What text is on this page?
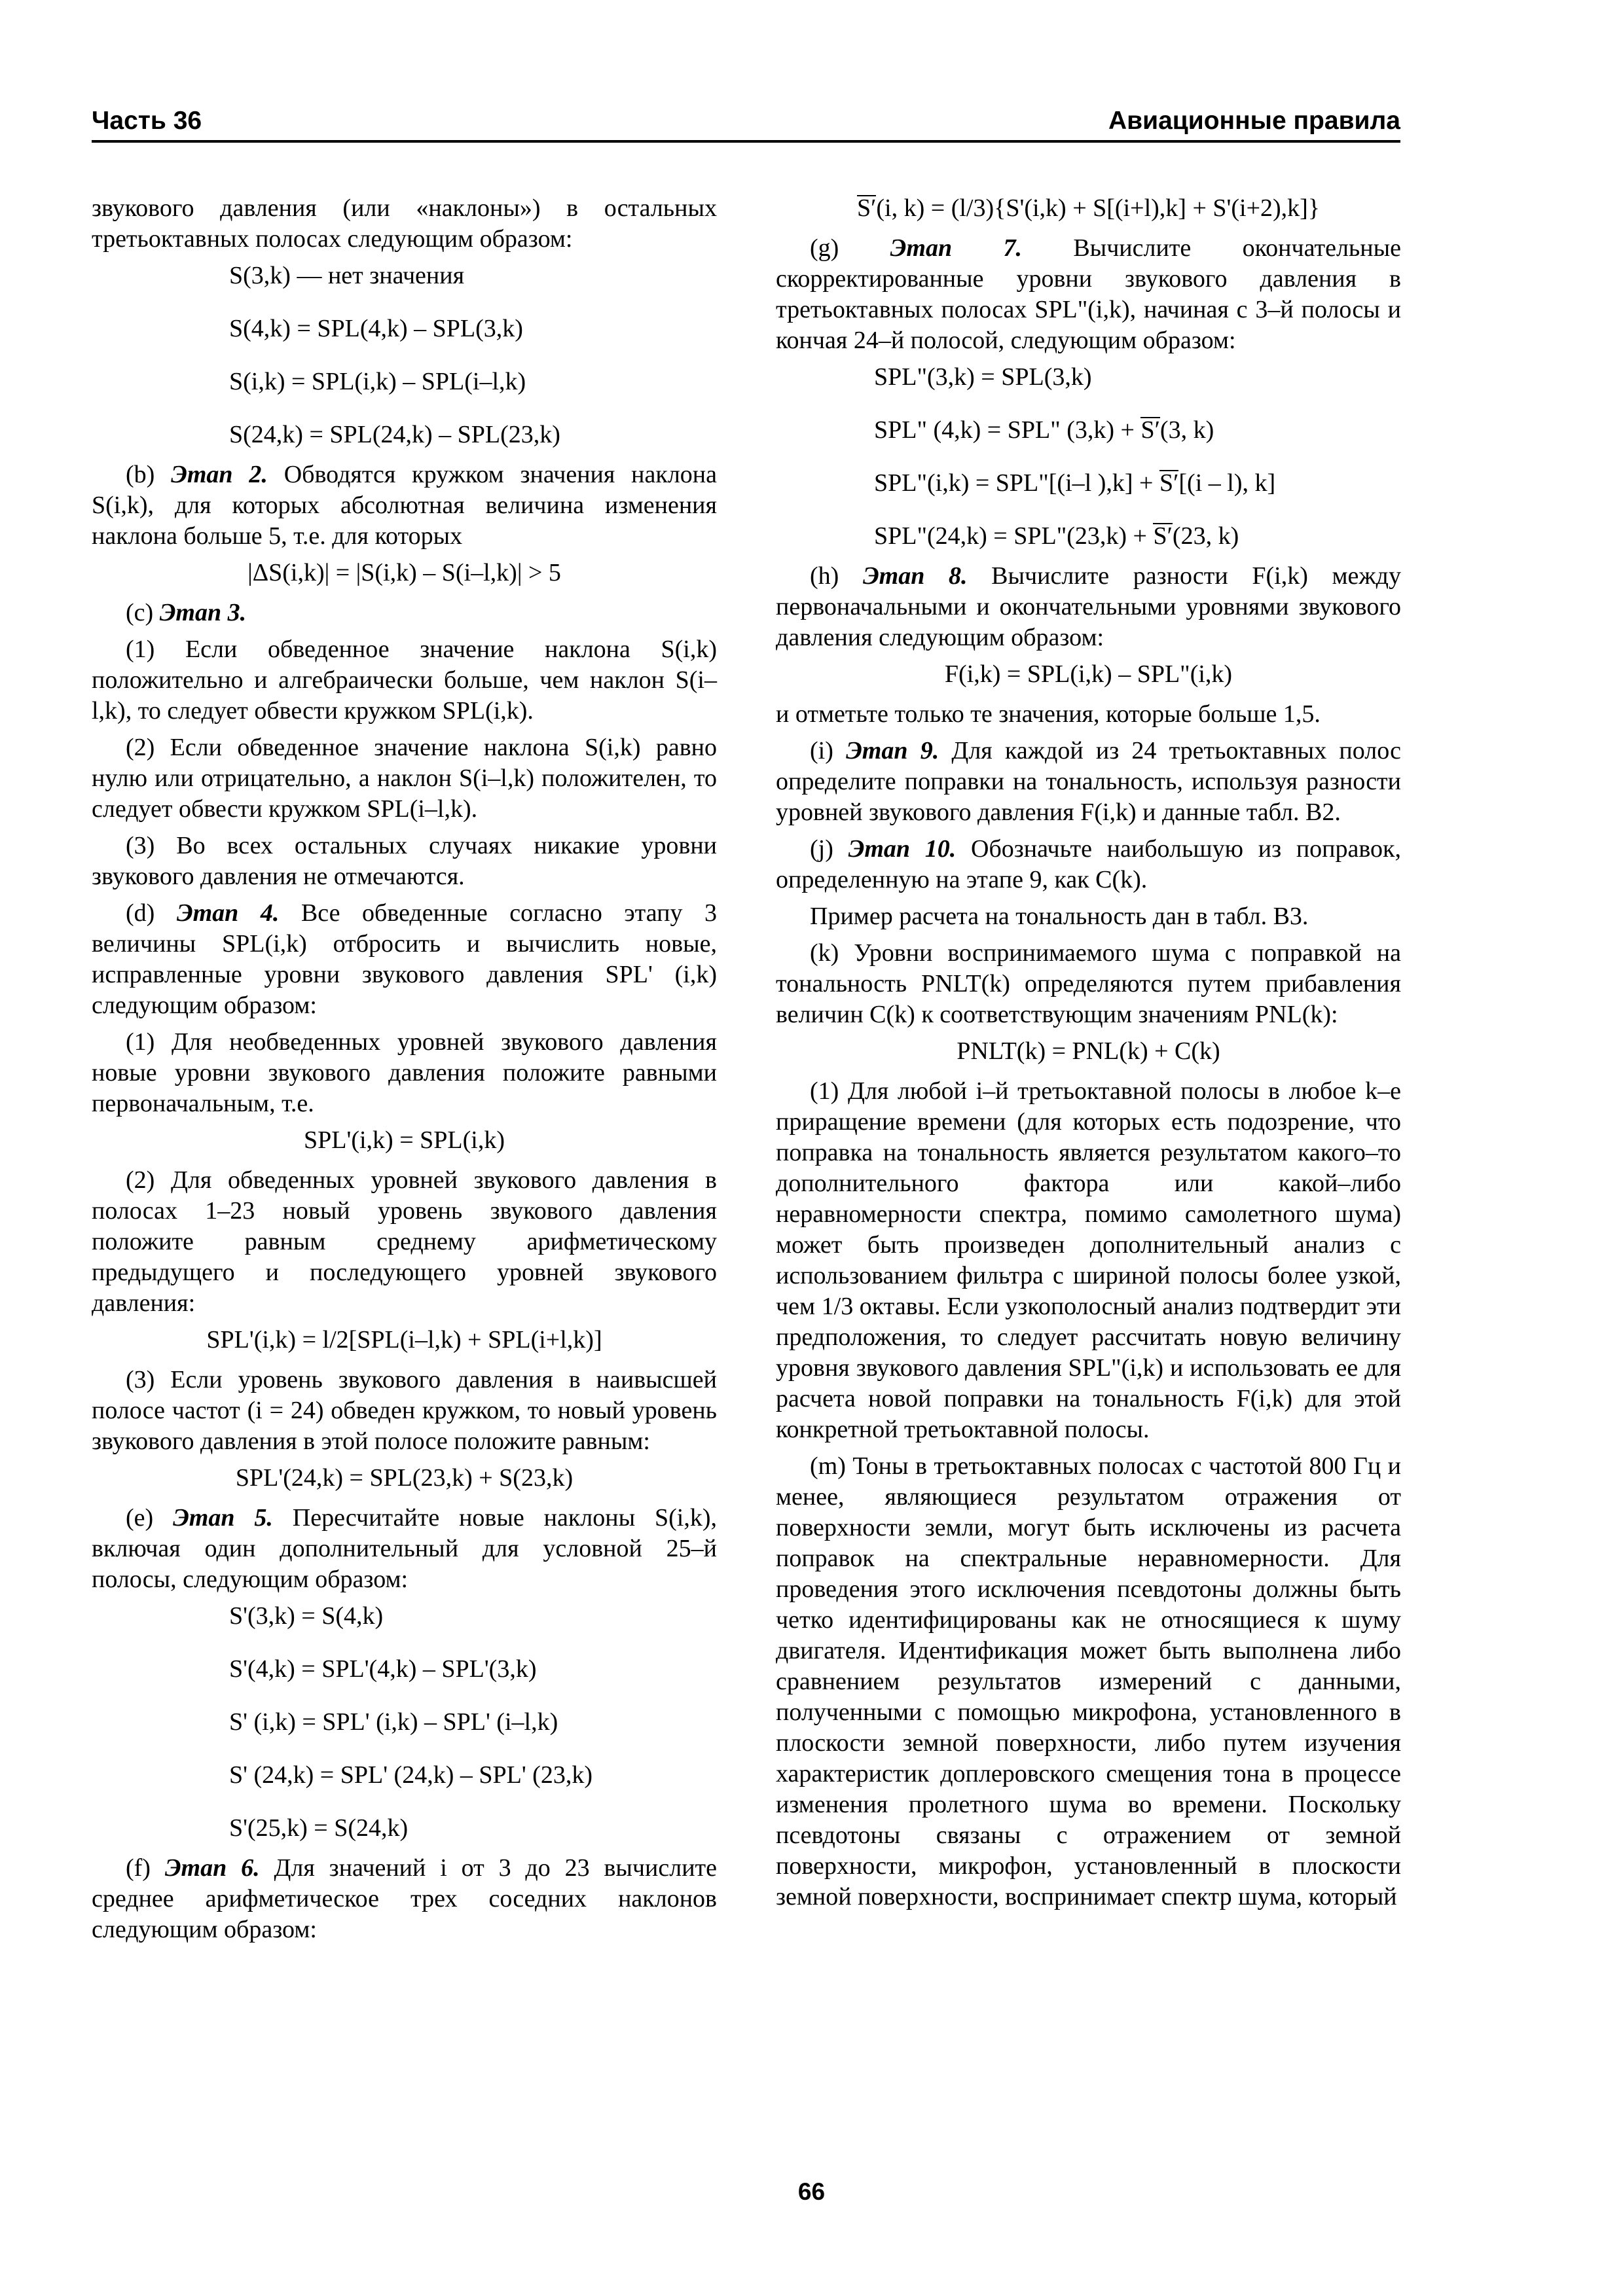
Часть 36	Авиационные правила

звукового давления (или «наклоны») в остальных третьоктавных полосах следующим образом:

S(3,k) — нет значения

S(4,k) = SPL(4,k) – SPL(3,k)

S(i,k) = SPL(i,k) – SPL(i–l,k)

S(24,k) = SPL(24,k) – SPL(23,k)

(b) Этап 2. Обводятся кружком значения наклона S(i,k), для которых абсолютная величина изменения наклона больше 5, т.е. для которых

|ΔS(i,k)| = |S(i,k) – S(i–l,k)| > 5

(c) Этап 3.

(1) Если обведенное значение наклона S(i,k) положительно и алгебраически больше, чем наклон S(i–l,k), то следует обвести кружком SPL(i,k).

(2) Если обведенное значение наклона S(i,k) равно нулю или отрицательно, а наклон S(i–l,k) положителен, то следует обвести кружком SPL(i–l,k).

(3) Во всех остальных случаях никакие уровни звукового давления не отмечаются.

(d) Этап 4. Все обведенные согласно этапу 3 величины SPL(i,k) отбросить и вычислить новые, исправленные уровни звукового давления SPL' (i,k) следующим образом:

(1) Для необведенных уровней звукового давления новые уровни звукового давления положите равными первоначальным, т.е.

SPL'(i,k) = SPL(i,k)

(2) Для обведенных уровней звукового давления в полосах 1–23 новый уровень звукового давления положите равным среднему арифметическому предыдущего и последующего уровней звукового давления:

SPL'(i,k) = l/2[SPL(i–l,k) + SPL(i+l,k)]

(3) Если уровень звукового давления в наивысшей полосе частот (i = 24) обведен кружком, то новый уровень звукового давления в этой полосе положите равным:

SPL'(24,k) = SPL(23,k) + S(23,k)

(e) Этап 5. Пересчитайте новые наклоны S(i,k), включая один дополнительный для условной 25–й полосы, следующим образом:

S'(3,k) = S(4,k)

S'(4,k) = SPL'(4,k) – SPL'(3,k)

S' (i,k) = SPL' (i,k) – SPL' (i–l,k)

S' (24,k) = SPL' (24,k) – SPL' (23,k)

S'(25,k) = S(24,k)

(f) Этап 6. Для значений i от 3 до 23 вычислите среднее арифметическое трех соседних наклонов следующим образом:

S′(i, k) = (l/3){S'(i,k) + S[(i+l),k] + S'(i+2),k]}

(g) Этап 7. Вычислите окончательные скорректированные уровни звукового давления в третьоктавных полосах SPL"(i,k), начиная с 3–й полосы и кончая 24–й полосой, следующим образом:

SPL"(3,k) = SPL(3,k)

SPL" (4,k) = SPL" (3,k) + S′(3, k)

SPL"(i,k) = SPL"[(i–l ),k] + S′[(i – l), k]

SPL"(24,k) = SPL"(23,k) + S′(23, k)

(h) Этап 8. Вычислите разности F(i,k) между первоначальными и окончательными уровнями звукового давления следующим образом:

F(i,k) = SPL(i,k) – SPL"(i,k)

и отметьте только те значения, которые больше 1,5.

(i) Этап 9. Для каждой из 24 третьоктавных полос определите поправки на тональность, используя разности уровней звукового давления F(i,k) и данные табл. В2.

(j) Этап 10. Обозначьте наибольшую из поправок, определенную на этапе 9, как C(k).

Пример расчета на тональность дан в табл. В3.

(k) Уровни воспринимаемого шума с поправкой на тональность PNLT(k) определяются путем прибавления величин C(k) к соответствующим значениям PNL(k):

PNLT(k) = PNL(k) + C(k)

(1) Для любой i–й третьоктавной полосы в любое k–е приращение времени (для которых есть подозрение, что поправка на тональность является результатом какого–то дополнительного фактора или какой–либо неравномерности спектра, помимо самолетного шума) может быть произведен дополнительный анализ с использованием фильтра с шириной полосы более узкой, чем 1/3 октавы. Если узкополосный анализ подтвердит эти предположения, то следует рассчитать новую величину уровня звукового давления SPL"(i,k) и использовать ее для расчета новой поправки на тональность F(i,k) для этой конкретной третьоктавной полосы.

(m) Тоны в третьоктавных полосах с частотой 800 Гц и менее, являющиеся результатом отражения от поверхности земли, могут быть исключены из расчета поправок на спектральные неравномерности. Для проведения этого исключения псевдотоны должны быть четко идентифицированы как не относящиеся к шуму двигателя. Идентификация может быть выполнена либо сравнением результатов измерений с данными, полученными с помощью микрофона, установленного в плоскости земной поверхности, либо путем изучения характеристик доплеровского смещения тона в процессе изменения пролетного шума во времени. Поскольку псевдотоны связаны с отражением от земной поверхности, микрофон, установленный в плоскости земной поверхности, воспринимает спектр шума, который

66
